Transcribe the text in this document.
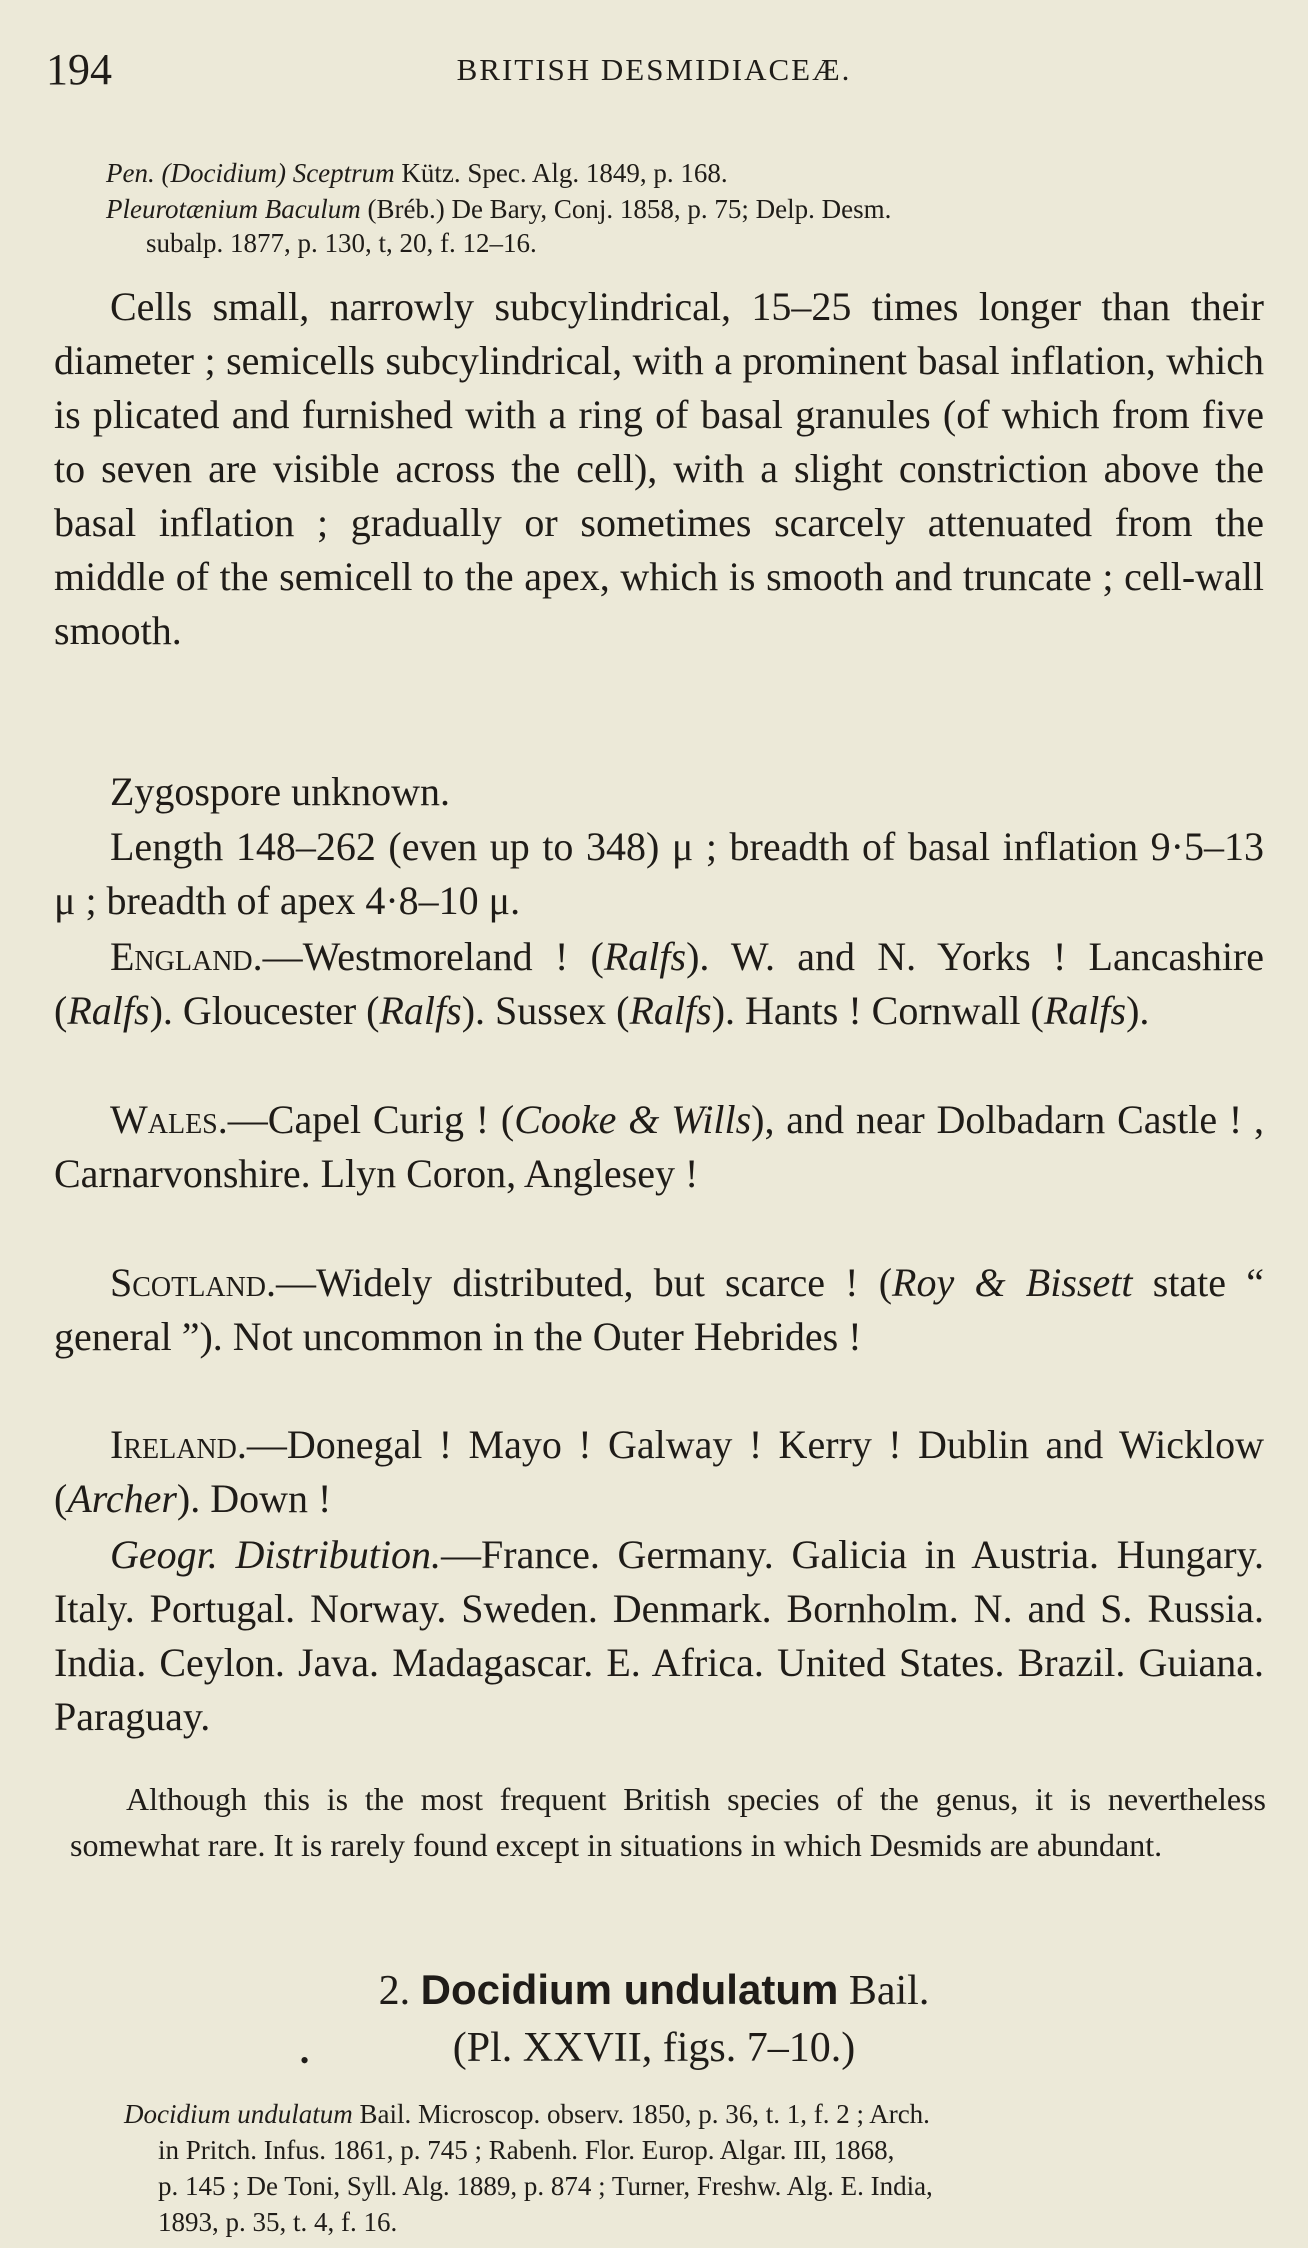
194	BRITISH DESMIDIACEÆ.
Pen. (Docidium) Sceptrum Kütz. Spec. Alg. 1849, p. 168.
Pleurotænium Baculum (Bréb.) De Bary, Conj. 1858, p. 75; Delp. Desm.
subalp. 1877, p. 130, t, 20, f. 12–16.

Cells small, narrowly subcylindrical, 15–25 times longer than their diameter ; semicells subcylindrical, with a prominent basal inflation, which is plicated and furnished with a ring of basal granules (of which from five to seven are visible across the cell), with a slight constriction above the basal inflation ; gradually or sometimes scarcely attenuated from the middle of the semicell to the apex, which is smooth and truncate ; cell-wall smooth.

Zygospore unknown.

Length 148–262 (even up to 348) μ ; breadth of basal inflation 9·5–13 μ ; breadth of apex 4·8–10 μ.

England.—Westmoreland ! (Ralfs). W. and N. Yorks ! Lancashire (Ralfs). Gloucester (Ralfs). Sussex (Ralfs). Hants ! Cornwall (Ralfs).

Wales.—Capel Curig ! (Cooke & Wills), and near Dolbadarn Castle ! , Carnarvonshire. Llyn Coron, Anglesey !

Scotland.—Widely distributed, but scarce ! (Roy & Bissett state “ general ”). Not uncommon in the Outer Hebrides !

Ireland.—Donegal ! Mayo ! Galway ! Kerry ! Dublin and Wicklow (Archer). Down !

Geogr. Distribution.—France. Germany. Galicia in Austria. Hungary. Italy. Portugal. Norway. Sweden. Denmark. Bornholm. N. and S. Russia. India. Ceylon. Java. Madagascar. E. Africa. United States. Brazil. Guiana. Paraguay.

Although this is the most frequent British species of the genus, it is nevertheless somewhat rare. It is rarely found except in situations in which Desmids are abundant.

2. Docidium undulatum Bail.
•	(Pl. XXVII, figs. 7–10.)
Docidium undulatum Bail. Microscop. observ. 1850, p. 36, t. 1, f. 2 ; Arch.
in Pritch. Infus. 1861, p. 745 ; Rabenh. Flor. Europ. Algar. III, 1868,
p. 145 ; De Toni, Syll. Alg. 1889, p. 874 ; Turner, Freshw. Alg. E. India,
1893, p. 35, t. 4, f. 16.
